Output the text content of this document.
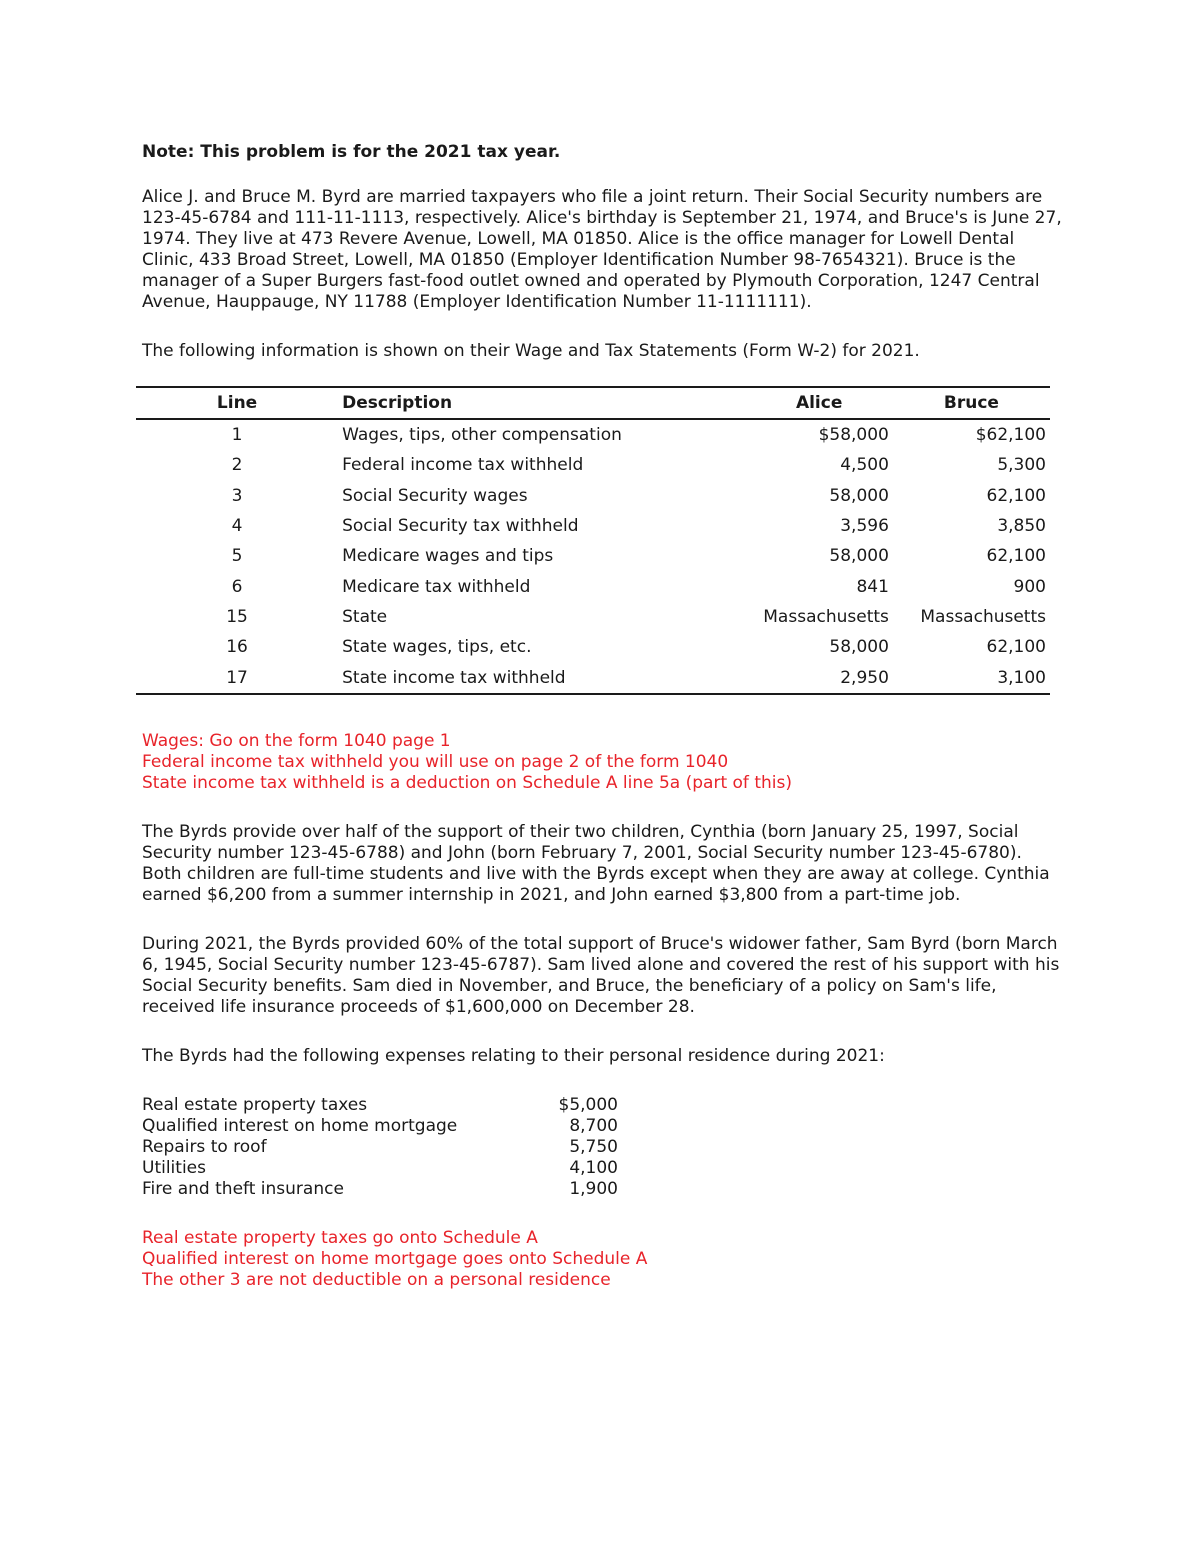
Note: This problem is for the 2021 tax year.

Alice J. and Bruce M. Byrd are married taxpayers who file a joint return. Their Social Security numbers are 123-45-6784 and 111-11-1113, respectively. Alice's birthday is September 21, 1974, and Bruce's is June 27, 1974. They live at 473 Revere Avenue, Lowell, MA 01850. Alice is the office manager for Lowell Dental Clinic, 433 Broad Street, Lowell, MA 01850 (Employer Identification Number 98-7654321). Bruce is the manager of a Super Burgers fast-food outlet owned and operated by Plymouth Corporation, 1247 Central Avenue, Hauppauge, NY 11788 (Employer Identification Number 11-1111111).

The following information is shown on their Wage and Tax Statements (Form W-2) for 2021.

Line	Description	Alice	Bruce
1	Wages, tips, other compensation	$58,000	$62,100
2	Federal income tax withheld	4,500	5,300
3	Social Security wages	58,000	62,100
4	Social Security tax withheld	3,596	3,850
5	Medicare wages and tips	58,000	62,100
6	Medicare tax withheld	841	900
15	State	Massachusetts	Massachusetts
16	State wages, tips, etc.	58,000	62,100
17	State income tax withheld	2,950	3,100

Wages: Go on the form 1040 page 1

Federal income tax withheld you will use on page 2 of the form 1040

State income tax withheld is a deduction on Schedule A line 5a (part of this)

The Byrds provide over half of the support of their two children, Cynthia (born January 25, 1997, Social Security number 123-45-6788) and John (born February 7, 2001, Social Security number 123-45-6780). Both children are full-time students and live with the Byrds except when they are away at college. Cynthia earned $6,200 from a summer internship in 2021, and John earned $3,800 from a part-time job.

During 2021, the Byrds provided 60% of the total support of Bruce's widower father, Sam Byrd (born March 6, 1945, Social Security number 123-45-6787). Sam lived alone and covered the rest of his support with his Social Security benefits. Sam died in November, and Bruce, the beneficiary of a policy on Sam's life, received life insurance proceeds of $1,600,000 on December 28.

The Byrds had the following expenses relating to their personal residence during 2021:

Real estate property taxes	$5,000
Qualified interest on home mortgage	8,700
Repairs to roof	5,750
Utilities	4,100
Fire and theft insurance	1,900

Real estate property taxes go onto Schedule A

Qualified interest on home mortgage goes onto Schedule A

The other 3 are not deductible on a personal residence
